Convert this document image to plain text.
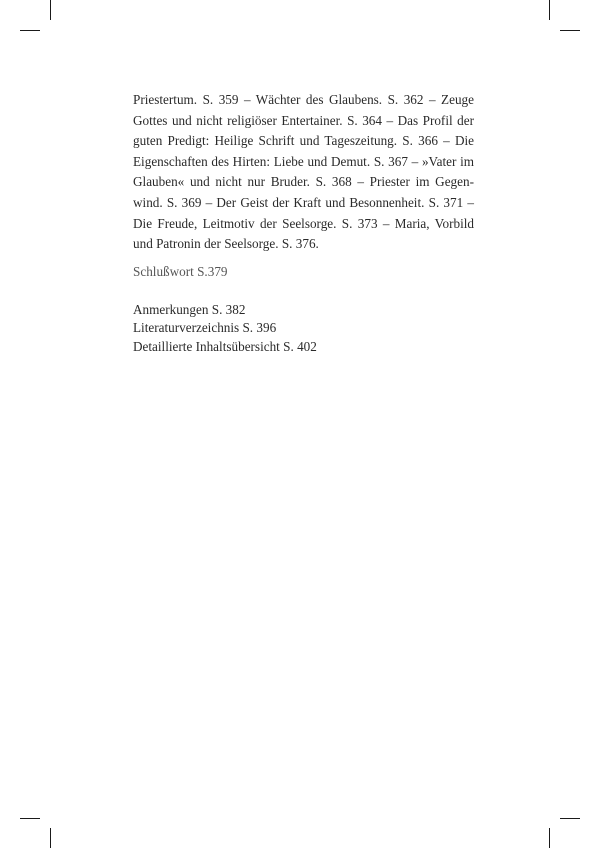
Priestertum. S. 359 – Wächter des Glaubens. S. 362 – Zeuge
Gottes und nicht religiöser Entertainer. S. 364 – Das Profil der
guten Predigt: Heilige Schrift und Tageszeitung. S. 366 – Die
Eigenschaften des Hirten: Liebe und Demut. S. 367 – »Vater im
Glauben« und nicht nur Bruder. S. 368 – Priester im Gegen-
wind. S. 369 – Der Geist der Kraft und Besonnenheit. S. 371 –
Die Freude, Leitmotiv der Seelsorge. S. 373 – Maria, Vorbild
und Patronin der Seelsorge. S. 376.
Schlußwort S.379
Anmerkungen S. 382
Literaturverzeichnis S. 396
Detaillierte Inhaltsübersicht S. 402
